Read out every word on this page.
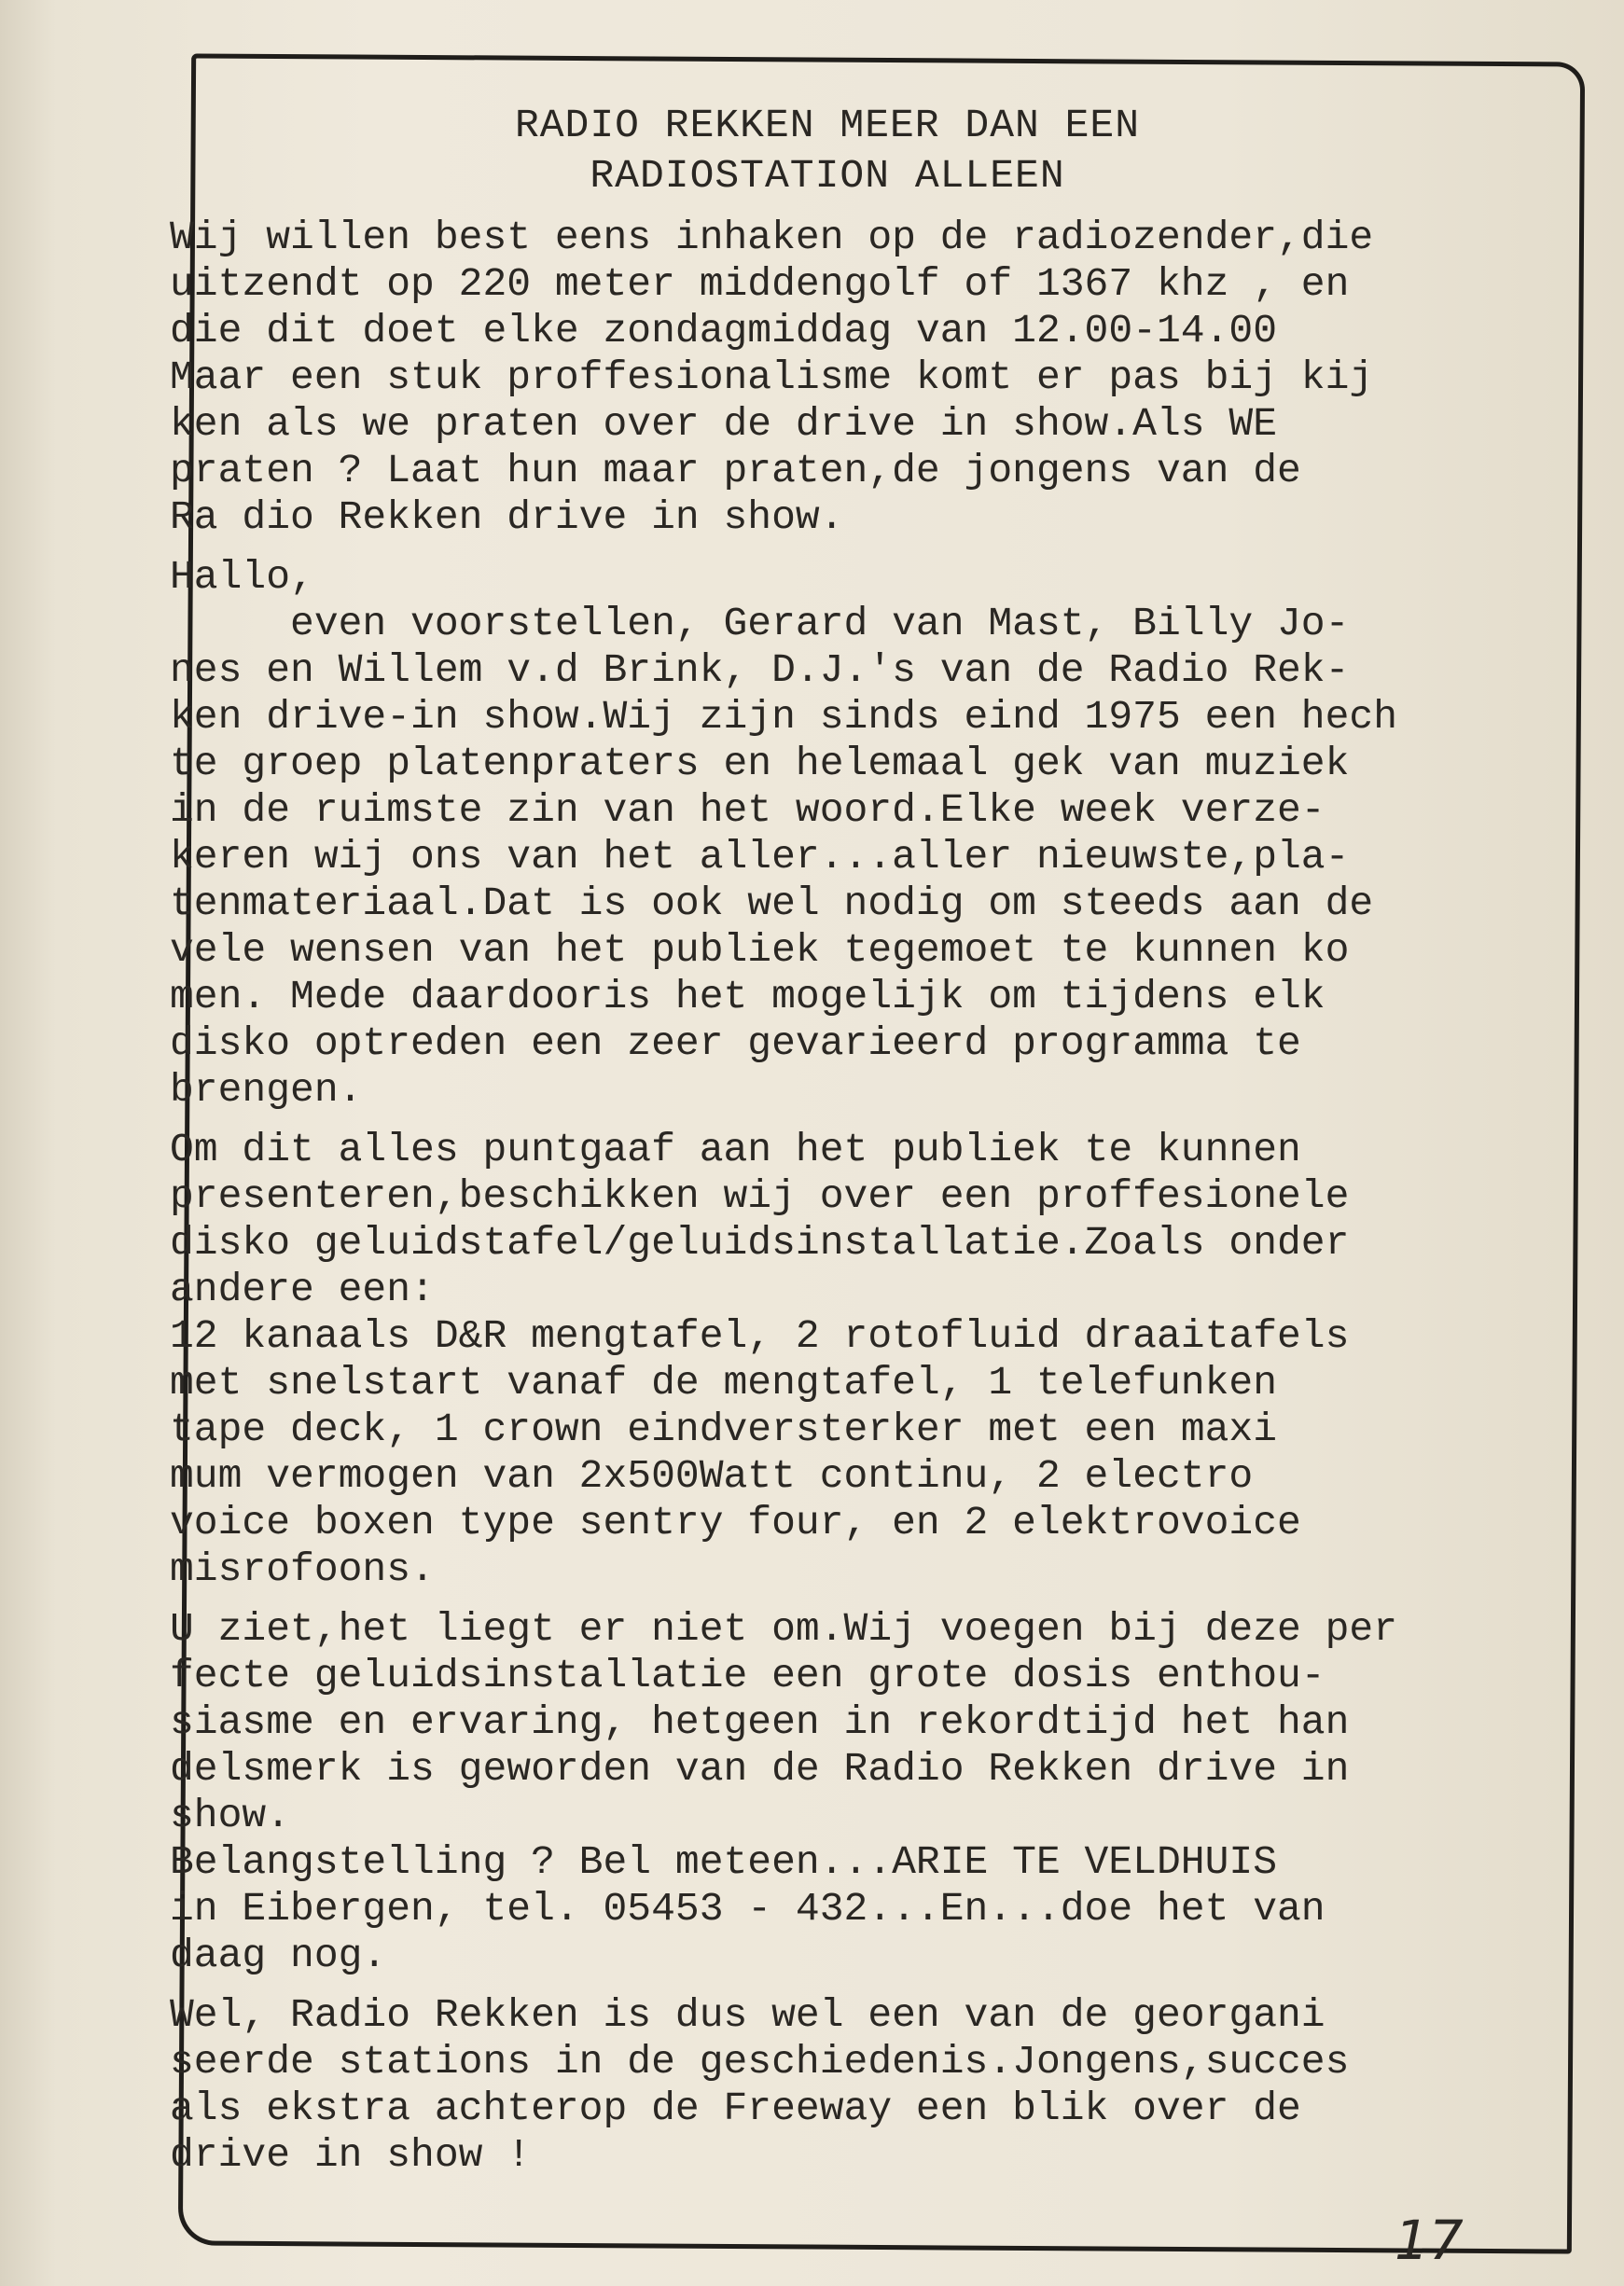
RADIO REKKEN MEER DAN EEN
RADIOSTATION ALLEEN
Wij willen best eens inhaken op de radiozender,die
uitzendt op 220 meter middengolf of 1367 khz , en
die dit doet elke zondagmiddag van 12.00-14.00
Maar een stuk proffesionalisme komt er pas bij kij
ken als we praten over de drive in show.Als WE
praten ? Laat hun maar praten,de jongens van de
Ra dio Rekken drive in show.
Hallo,
even voorstellen, Gerard van Mast, Billy Jo-
nes en Willem v.d Brink, D.J.'s van de Radio Rek-
ken drive-in show.Wij zijn sinds eind 1975 een hech
te groep platenpraters en helemaal gek van muziek
in de ruimste zin van het woord.Elke week verze-
keren wij ons van het aller...aller nieuwste,pla-
tenmateriaal.Dat is ook wel nodig om steeds aan de
vele wensen van het publiek tegemoet te kunnen ko
men. Mede daardooris het mogelijk om tijdens elk
disko optreden een zeer gevarieerd programma te
brengen.
Om dit alles puntgaaf aan het publiek te kunnen
presenteren,beschikken wij over een proffesionele
disko geluidstafel/geluidsinstallatie.Zoals onder
andere een:
12 kanaals D&R mengtafel, 2 rotofluid draaitafels
met snelstart vanaf de mengtafel, 1 telefunken
tape deck, 1 crown eindversterker met een maxi
mum vermogen van 2x500Watt continu, 2 electro
voice boxen type sentry four, en 2 elektrovoice
misrofoons.
U ziet,het liegt er niet om.Wij voegen bij deze per
fecte geluidsinstallatie een grote dosis enthou-
siasme en ervaring, hetgeen in rekordtijd het han
delsmerk is geworden van de Radio Rekken drive in
show.
Belangstelling ? Bel meteen...ARIE TE VELDHUIS
in Eibergen, tel. 05453 - 432...En...doe het van
daag nog.
Wel, Radio Rekken is dus wel een van de georgani
seerde stations in de geschiedenis.Jongens,succes
als ekstra achterop de Freeway een blik over de
drive in show !
17
